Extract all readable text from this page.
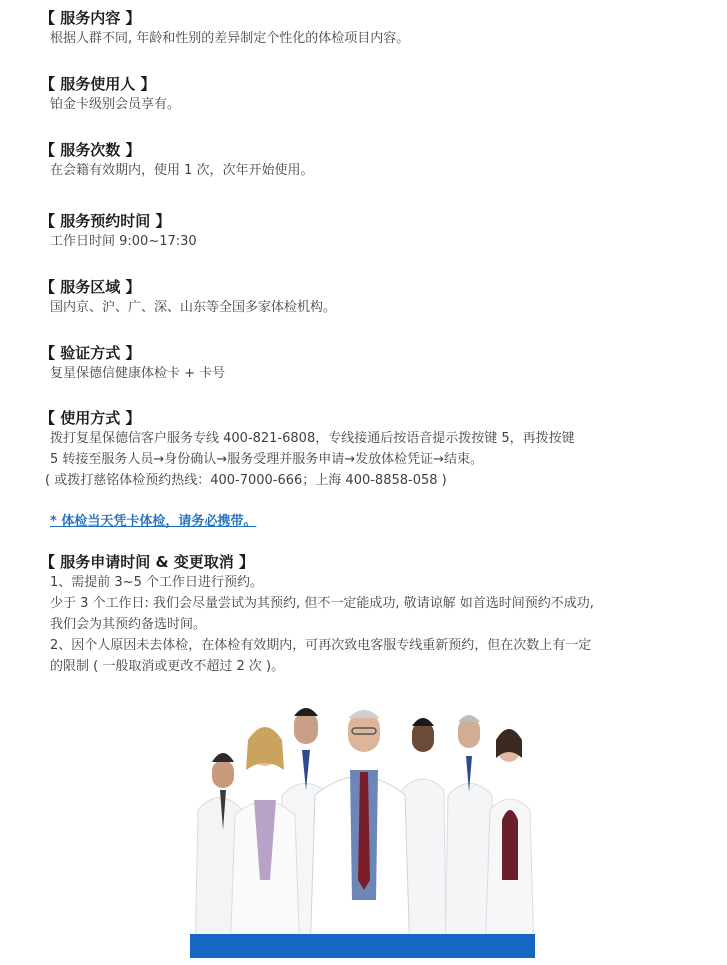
【 服务内容 】
根据人群不同, 年龄和性别的差异制定个性化的体检项目内容。
【 服务使用人 】
铂金卡级别会员享有。
【 服务次数 】
在会籍有效期内，使用 1 次，次年开始使用。
【 服务预约时间 】
工作日时间 9:00~17:30
【 服务区域 】
国内京、沪、广、深、山东等全国多家体检机构。
【 验证方式 】
复星保德信健康体检卡 + 卡号
【 使用方式 】
拨打复星保德信客户服务专线 400-821-6808，专线接通后按语音提示拨按键 5，再拨按键
5 转接至服务人员→身份确认→服务受理并服务申请→发放体检凭证→结束。
( 或拨打慈铭体检预约热线：400-7000-666；上海 400-8858-058 )
* 体检当天凭卡体检，请务必携带。
【 服务申请时间 & 变更取消 】
1、需提前 3~5 个工作日进行预约。
少于 3 个工作日: 我们会尽量尝试为其预约, 但不一定能成功, 敬请谅解 如首选时间预约不成功,
我们会为其预约备选时间。
2、因个人原因未去体检，在体检有效期内，可再次致电客服专线重新预约，但在次数上有一定
的限制 ( 一般取消或更改不超过 2 次 )。
